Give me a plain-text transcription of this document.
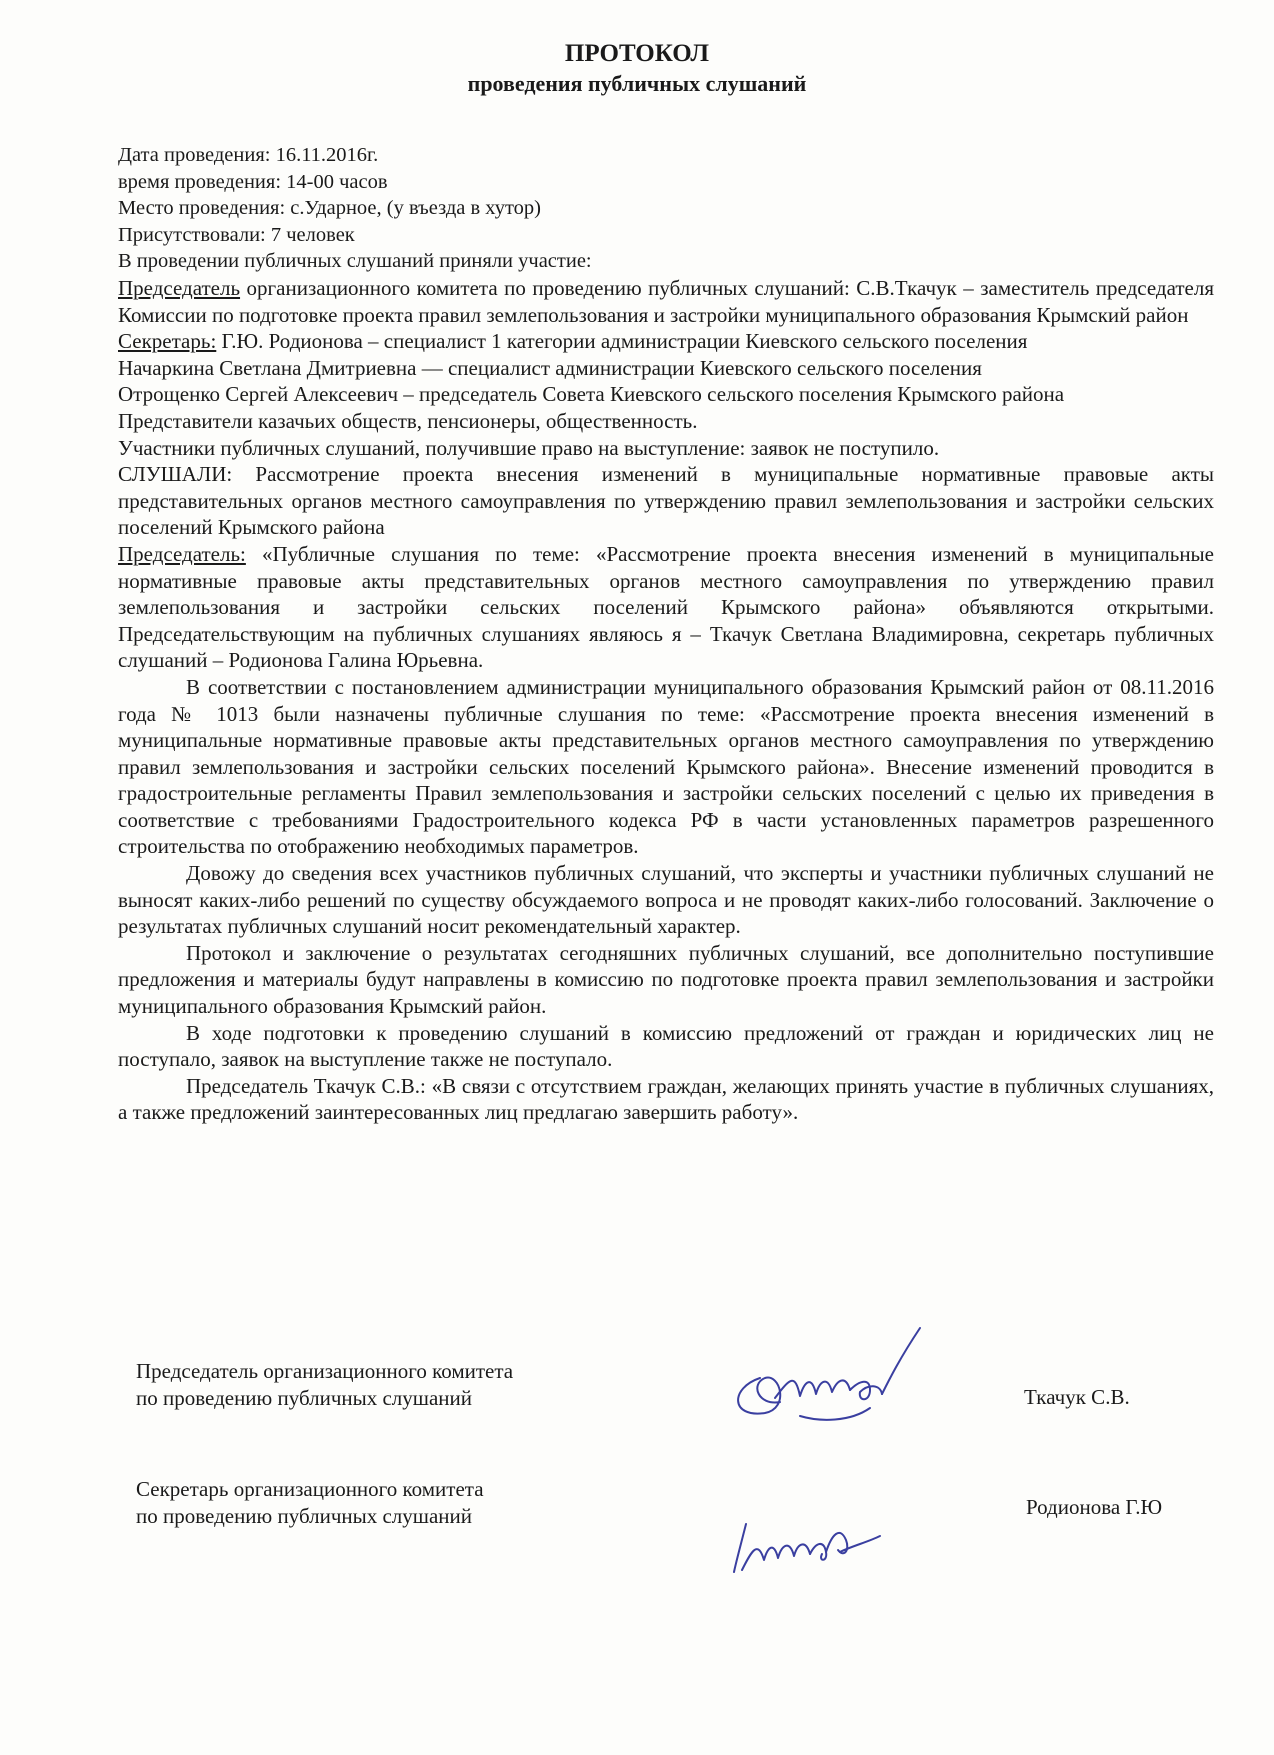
ПРОТОКОЛ
проведения публичных слушаний
Дата проведения: 16.11.2016г.
время проведения: 14-00 часов
Место проведения: с.Ударное, (у въезда в хутор)
Присутствовали: 7 человек
В проведении публичных слушаний приняли участие:

Председатель организационного комитета по проведению публичных слушаний: С.В.Ткачук – заместитель председателя Комиссии по подготовке проекта правил землепользования и застройки муниципального образования Крымский район

Секретарь: Г.Ю. Родионова – специалист 1 категории администрации Киевского сельского поселения

Начаркина Светлана Дмитриевна — специалист администрации Киевского сельского поселения

Отрощенко Сергей Алексеевич – председатель Совета Киевского сельского поселения Крымского района

Представители казачьих обществ, пенсионеры, общественность.

Участники публичных слушаний, получившие право на выступление: заявок не поступило.

СЛУШАЛИ: Рассмотрение проекта внесения изменений в муниципальные нормативные правовые акты представительных органов местного самоуправления по утверждению правил землепользования и застройки сельских поселений Крымского района

Председатель: «Публичные слушания по теме: «Рассмотрение проекта внесения изменений в муниципальные нормативные правовые акты представительных органов местного самоуправления по утверждению правил землепользования и застройки сельских поселений Крымского района» объявляются открытыми. Председательствующим на публичных слушаниях являюсь я – Ткачук Светлана Владимировна, секретарь публичных слушаний – Родионова Галина Юрьевна.

В соответствии с постановлением администрации муниципального образования Крымский район от 08.11.2016 года № 1013 были назначены публичные слушания по теме: «Рассмотрение проекта внесения изменений в муниципальные нормативные правовые акты представительных органов местного самоуправления по утверждению правил землепользования и застройки сельских поселений Крымского района». Внесение изменений проводится в градостроительные регламенты Правил землепользования и застройки сельских поселений с целью их приведения в соответствие с требованиями Градостроительного кодекса РФ в части установленных параметров разрешенного строительства по отображению необходимых параметров.

Довожу до сведения всех участников публичных слушаний, что эксперты и участники публичных слушаний не выносят каких-либо решений по существу обсуждаемого вопроса и не проводят каких-либо голосований. Заключение о результатах публичных слушаний носит рекомендательный характер.

Протокол и заключение о результатах сегодняшних публичных слушаний, все дополнительно поступившие предложения и материалы будут направлены в комиссию по подготовке проекта правил землепользования и застройки муниципального образования Крымский район.

В ходе подготовки к проведению слушаний в комиссию предложений от граждан и юридических лиц не поступало, заявок на выступление также не поступало.

Председатель Ткачук С.В.: «В связи с отсутствием граждан, желающих принять участие в публичных слушаниях, а также предложений заинтересованных лиц предлагаю завершить работу».

Председатель организационного комитета
по проведению публичных слушаний	Ткачук С.В.
Секретарь организационного комитета
по проведению публичных слушаний	Родионова Г.Ю
